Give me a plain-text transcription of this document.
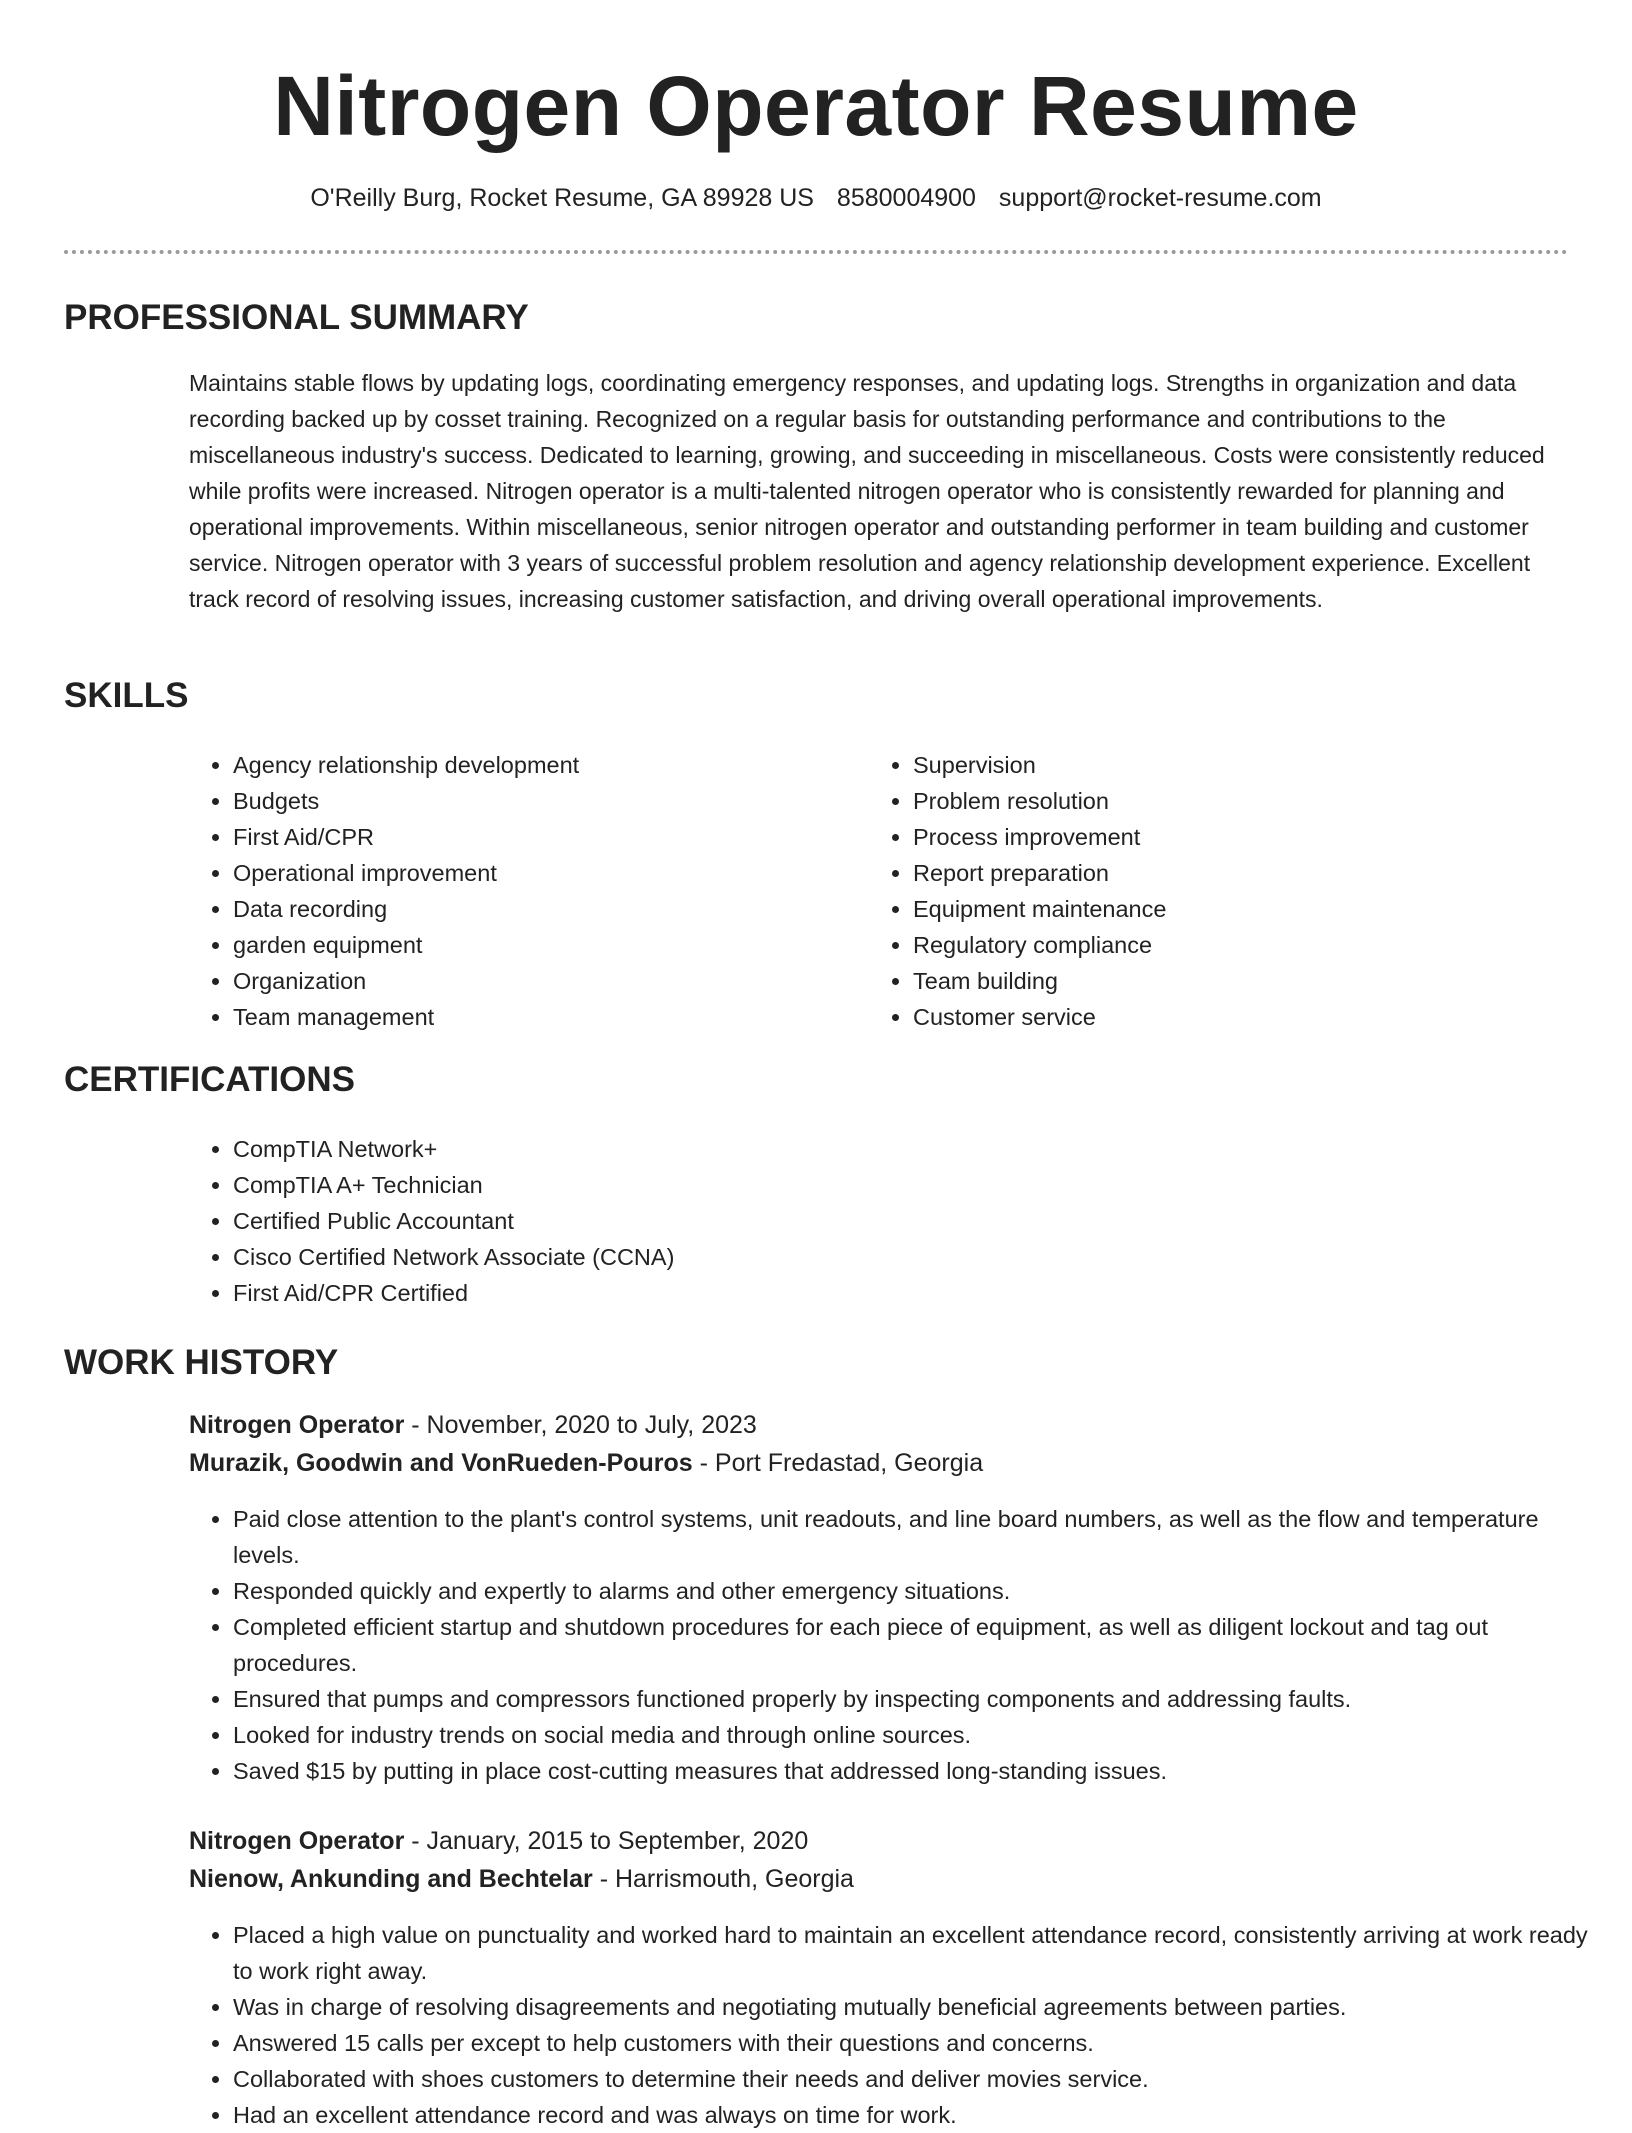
Nitrogen Operator Resume
O'Reilly Burg, Rocket Resume, GA 89928 US 8580004900 support@rocket-resume.com
PROFESSIONAL SUMMARY

Maintains stable flows by updating logs, coordinating emergency responses, and updating logs. Strengths in organization and data recording backed up by cosset training. Recognized on a regular basis for outstanding performance and contributions to the miscellaneous industry's success. Dedicated to learning, growing, and succeeding in miscellaneous. Costs were consistently reduced while profits were increased. Nitrogen operator is a multi-talented nitrogen operator who is consistently rewarded for planning and operational improvements. Within miscellaneous, senior nitrogen operator and outstanding performer in team building and customer service. Nitrogen operator with 3 years of successful problem resolution and agency relationship development experience. Excellent track record of resolving issues, increasing customer satisfaction, and driving overall operational improvements.

SKILLS
• Agency relationship development
• Budgets
• First Aid/CPR
• Operational improvement
• Data recording
• garden equipment
• Organization
• Team management
• Supervision
• Problem resolution
• Process improvement
• Report preparation
• Equipment maintenance
• Regulatory compliance
• Team building
• Customer service
CERTIFICATIONS
• CompTIA Network+
• CompTIA A+ Technician
• Certified Public Accountant
• Cisco Certified Network Associate (CCNA)
• First Aid/CPR Certified
WORK HISTORY
Nitrogen Operator - November, 2020 to July, 2023
Murazik, Goodwin and VonRueden-Pouros - Port Fredastad, Georgia
• Paid close attention to the plant's control systems, unit readouts, and line board numbers, as well as the flow and temperature levels.
• Responded quickly and expertly to alarms and other emergency situations.
• Completed efficient startup and shutdown procedures for each piece of equipment, as well as diligent lockout and tag out procedures.
• Ensured that pumps and compressors functioned properly by inspecting components and addressing faults.
• Looked for industry trends on social media and through online sources.
• Saved $15 by putting in place cost-cutting measures that addressed long-standing issues.
Nitrogen Operator - January, 2015 to September, 2020
Nienow, Ankunding and Bechtelar - Harrismouth, Georgia
• Placed a high value on punctuality and worked hard to maintain an excellent attendance record, consistently arriving at work ready to work right away.
• Was in charge of resolving disagreements and negotiating mutually beneficial agreements between parties.
• Answered 15 calls per except to help customers with their questions and concerns.
• Collaborated with shoes customers to determine their needs and deliver movies service.
• Had an excellent attendance record and was always on time for work.
